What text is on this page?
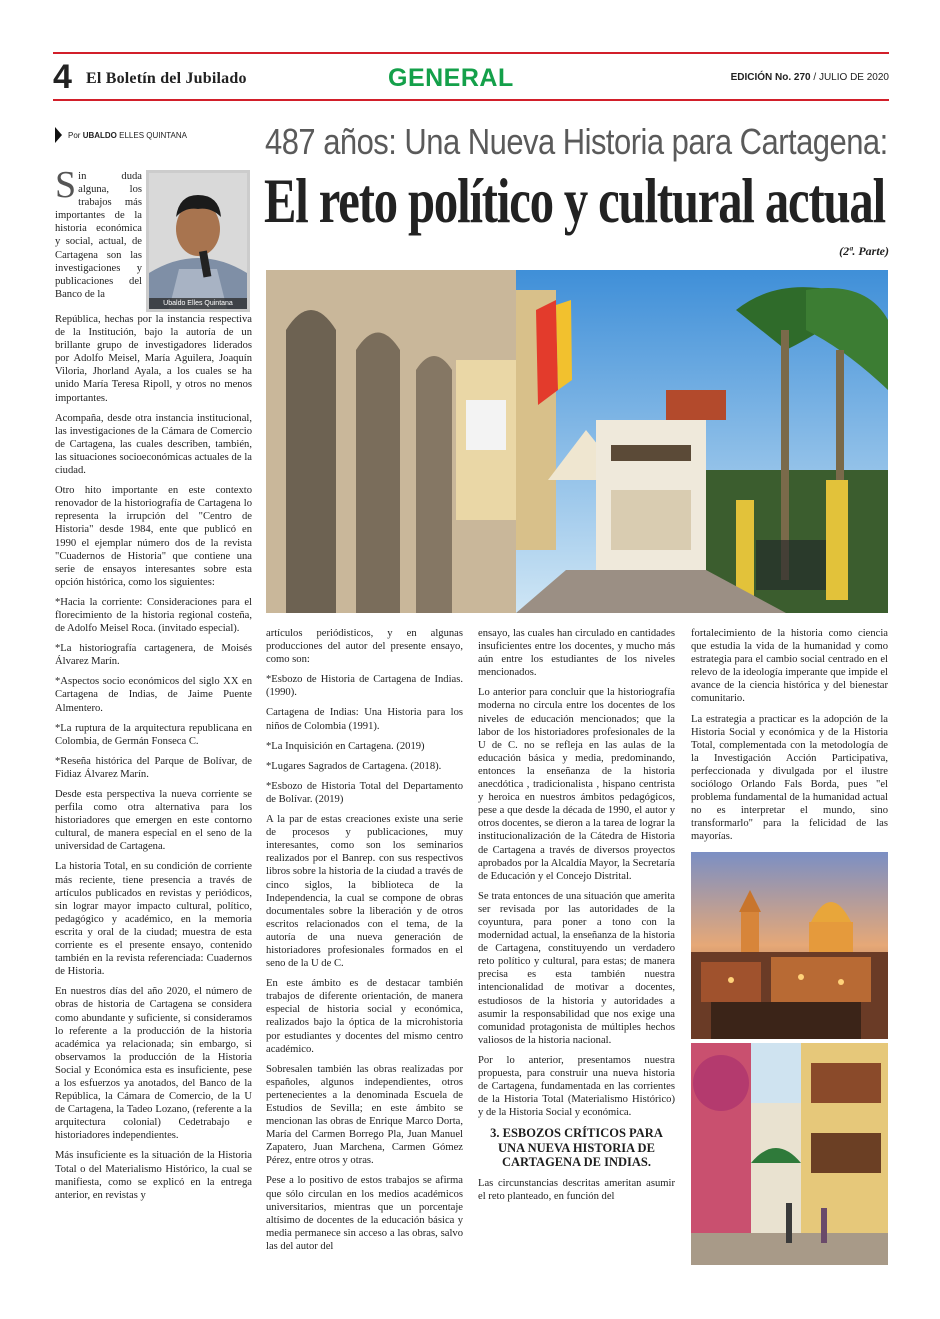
4 El Boletín del Jubilado	GENERAL	EDICIÓN No. 270 / JULIO DE 2020
Por UBALDO ELLES QUINTANA 487 años: Una Nueva Historia para Cartagena:
El reto político y cultural actual
(2ª. Parte)
Ubaldo Elles Quintana
Sin duda alguna, los trabajos más importantes de la historia económica y social, actual, de Cartagena son las investigaciones y publicaciones del Banco de la

República, hechas por la instancia respectiva de la Institución, bajo la autoría de un brillante grupo de investigadores liderados por Adolfo Meisel, María Aguilera, Joaquín Viloria, Jhorland Ayala, a los cuales se ha unido María Teresa Ripoll, y otros no menos importantes.

Acompaña, desde otra instancia institucional, las investigaciones de la Cámara de Comercio de Cartagena, las cuales describen, también, las situaciones socioeconómicas actuales de la ciudad.

Otro hito importante en este contexto renovador de la historiografía de Cartagena lo representa la irrupción del "Centro de Historia" desde 1984, ente que publicó en 1990 el ejemplar número dos de la revista "Cuadernos de Historia" que contiene una serie de ensayos interesantes sobre esta opción histórica, como los siguientes:

*Hacia la corriente: Consideraciones para el florecimiento de la historia regional costeña, de Adolfo Meisel Roca. (invitado especial).

*La historiografía cartagenera, de Moisés Álvarez Marín.

*Aspectos socio económicos del siglo XX en Cartagena de Indias, de Jaime Puente Almentero.

*La ruptura de la arquitectura republicana en Colombia, de Germán Fonseca C.

*Reseña histórica del Parque de Bolívar, de Fidiaz Álvarez Marín.

Desde esta perspectiva la nueva corriente se perfila como otra alternativa para los historiadores que emergen en este contorno cultural, de manera especial en el seno de la universidad de Cartagena.

La historia Total, en su condición de corriente más reciente, tiene presencia a través de artículos publicados en revistas y periódicos, sin lograr mayor impacto cultural, político, pedagógico y académico, en la memoria escrita y oral de la ciudad; muestra de esta corriente es el presente ensayo, contenido también en la revista referenciada: Cuadernos de Historia.

En nuestros días del año 2020, el número de obras de historia de Cartagena se considera como abundante y suficiente, si consideramos lo referente a la producción de la historia académica ya relacionada; sin embargo, si observamos la producción de la Historia Social y Económica esta es insuficiente, pese a los esfuerzos ya anotados, del Banco de la República, la Cámara de Comercio, de la U de Cartagena, la Tadeo Lozano, (referente a la arquitectura colonial) Cedetrabajo e historiadores independientes.

Más insuficiente es la situación de la Historia Total o del Materialismo Histórico, la cual se manifiesta, como se explicó en la entrega anterior, en revistas y

artículos periódisticos, y en algunas producciones del autor del presente ensayo, como son:

*Esbozo de Historia de Cartagena de Indias. (1990).

Cartagena de Indias: Una Historia para los niños de Colombia (1991).

*La Inquisición en Cartagena. (2019)

*Lugares Sagrados de Cartagena. (2018).

*Esbozo de Historia Total del Departamento de Bolívar. (2019)

A la par de estas creaciones existe una serie de procesos y publicaciones, muy interesantes, como son los seminarios realizados por el Banrep. con sus respectivos libros sobre la historia de la ciudad a través de cinco siglos, la biblioteca de la Independencia, la cual se compone de obras documentales sobre la liberación y de otros escritos relacionados con el tema, de la autoría de una nueva generación de historiadores profesionales formados en el seno de la U de C.

En este ámbito es de destacar también trabajos de diferente orientación, de manera especial de historia social y económica, realizados bajo la óptica de la microhistoria por estudiantes y docentes del mismo centro académico.

Sobresalen también las obras realizadas por españoles, algunos independientes, otros pertenecientes a la denominada Escuela de Estudios de Sevilla; en este ámbito se mencionan las obras de Enrique Marco Dorta, María del Carmen Borrego Pla, Juan Manuel Zapatero, Juan Marchena, Carmen Gómez Pérez, entre otros y otras.

Pese a lo positivo de estos trabajos se afirma que sólo circulan en los medios académicos universitarios, mientras que un porcentaje altísimo de docentes de la educación básica y media permanece sin acceso a las obras, salvo las del autor del

ensayo, las cuales han circulado en cantidades insuficientes entre los docentes, y mucho más aún entre los estudiantes de los niveles mencionados.

Lo anterior para concluir que la historiografía moderna no circula entre los docentes de los niveles de educación mencionados; que la labor de los historiadores profesionales de la U de C. no se refleja en las aulas de la educación básica y media, predominando, entonces la enseñanza de la historia anecdótica , tradicionalista , hispano centrista y heroica en nuestros ámbitos pedagógicos, pese a que desde la década de 1990, el autor y otros docentes, se dieron a la tarea de lograr la institucionalización de la Cátedra de Historia de Cartagena a través de diversos proyectos aprobados por la Alcaldía Mayor, la Secretaría de Educación y el Concejo Distrital.

Se trata entonces de una situación que amerita ser revisada por las autoridades de la coyuntura, para poner a tono con la modernidad actual, la enseñanza de la historia de Cartagena, constituyendo un verdadero reto político y cultural, para estas; de manera precisa es esta también nuestra intencionalidad de motivar a docentes, estudiosos de la historia y autoridades a asumir la responsabilidad que nos exige una comunidad protagonista de múltiples hechos valiosos de la historia nacional.

Por lo anterior, presentamos nuestra propuesta, para construir una nueva historia de Cartagena, fundamentada en las corrientes de la Historia Total (Materialismo Histórico) y de la Historia Social y económica.

3. ESBOZOS CRÍTICOS PARA UNA NUEVA HISTORIA DE CARTAGENA DE INDIAS.

Las circunstancias descritas ameritan asumir el reto planteado, en función del

fortalecimiento de la historia como ciencia que estudia la vida de la humanidad y como estrategia para el cambio social centrado en el relevo de la ideología imperante que impide el avance de la ciencia histórica y del bienestar comunitario.

La estrategia a practicar es la adopción de la Historia Social y económica y de la Historia Total, complementada con la metodología de la Investigación Acción Participativa, perfeccionada y divulgada por el ilustre sociólogo Orlando Fals Borda, pues "el problema fundamental de la humanidad actual no es interpretar el mundo, sino transformarlo" para la felicidad de las mayorías.
